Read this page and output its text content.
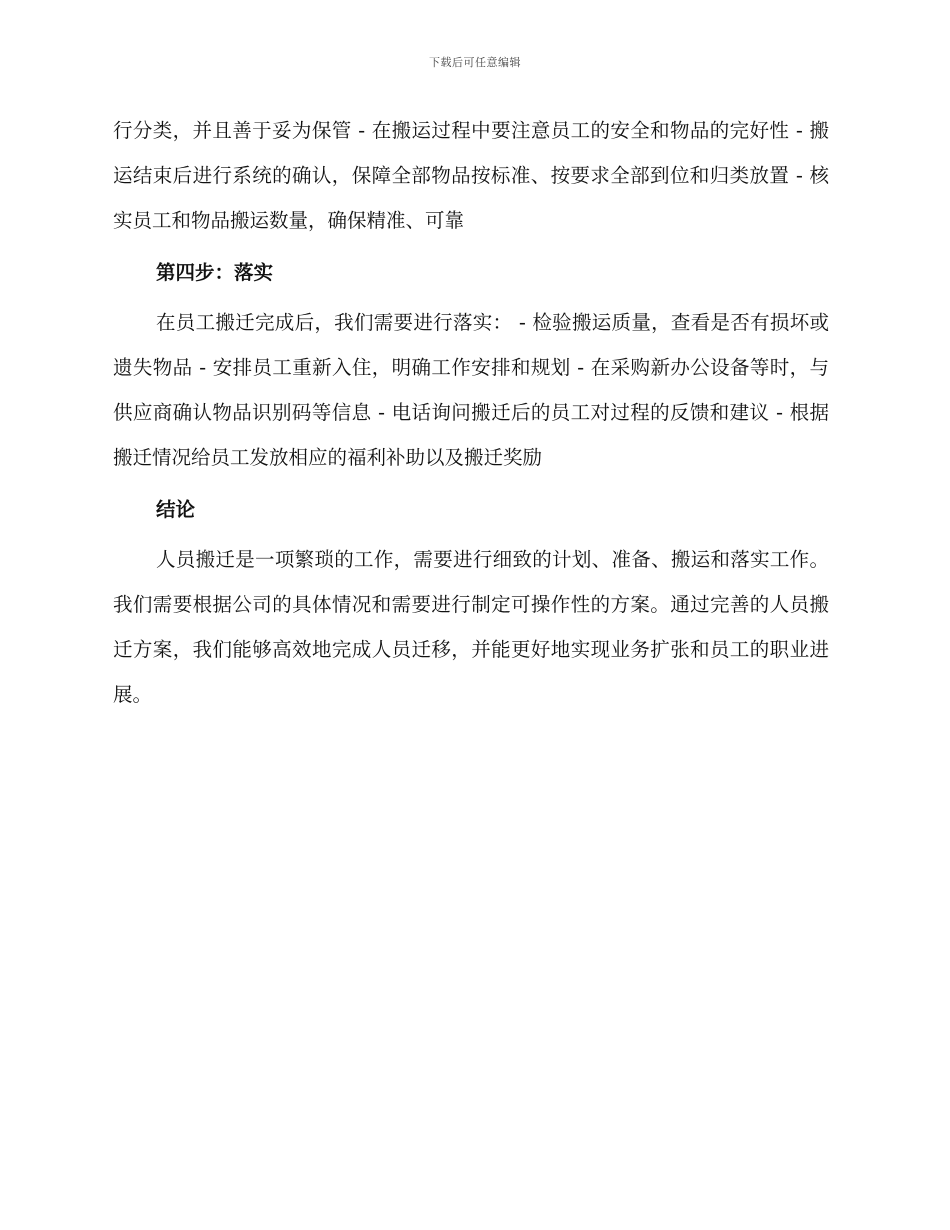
下载后可任意编辑

行分类，并且善于妥为保管 - 在搬运过程中要注意员工的安全和物品的完好性 - 搬运结束后进行系统的确认，保障全部物品按标准、按要求全部到位和归类放置 - 核实员工和物品搬运数量，确保精准、可靠

第四步：落实

在员工搬迁完成后，我们需要进行落实： - 检验搬运质量，查看是否有损坏或遗失物品 - 安排员工重新入住，明确工作安排和规划 - 在采购新办公设备等时，与供应商确认物品识别码等信息 - 电话询问搬迁后的员工对过程的反馈和建议 - 根据搬迁情况给员工发放相应的福利补助以及搬迁奖励

结论

人员搬迁是一项繁琐的工作，需要进行细致的计划、准备、搬运和落实工作。我们需要根据公司的具体情况和需要进行制定可操作性的方案。通过完善的人员搬迁方案，我们能够高效地完成人员迁移，并能更好地实现业务扩张和员工的职业进展。
